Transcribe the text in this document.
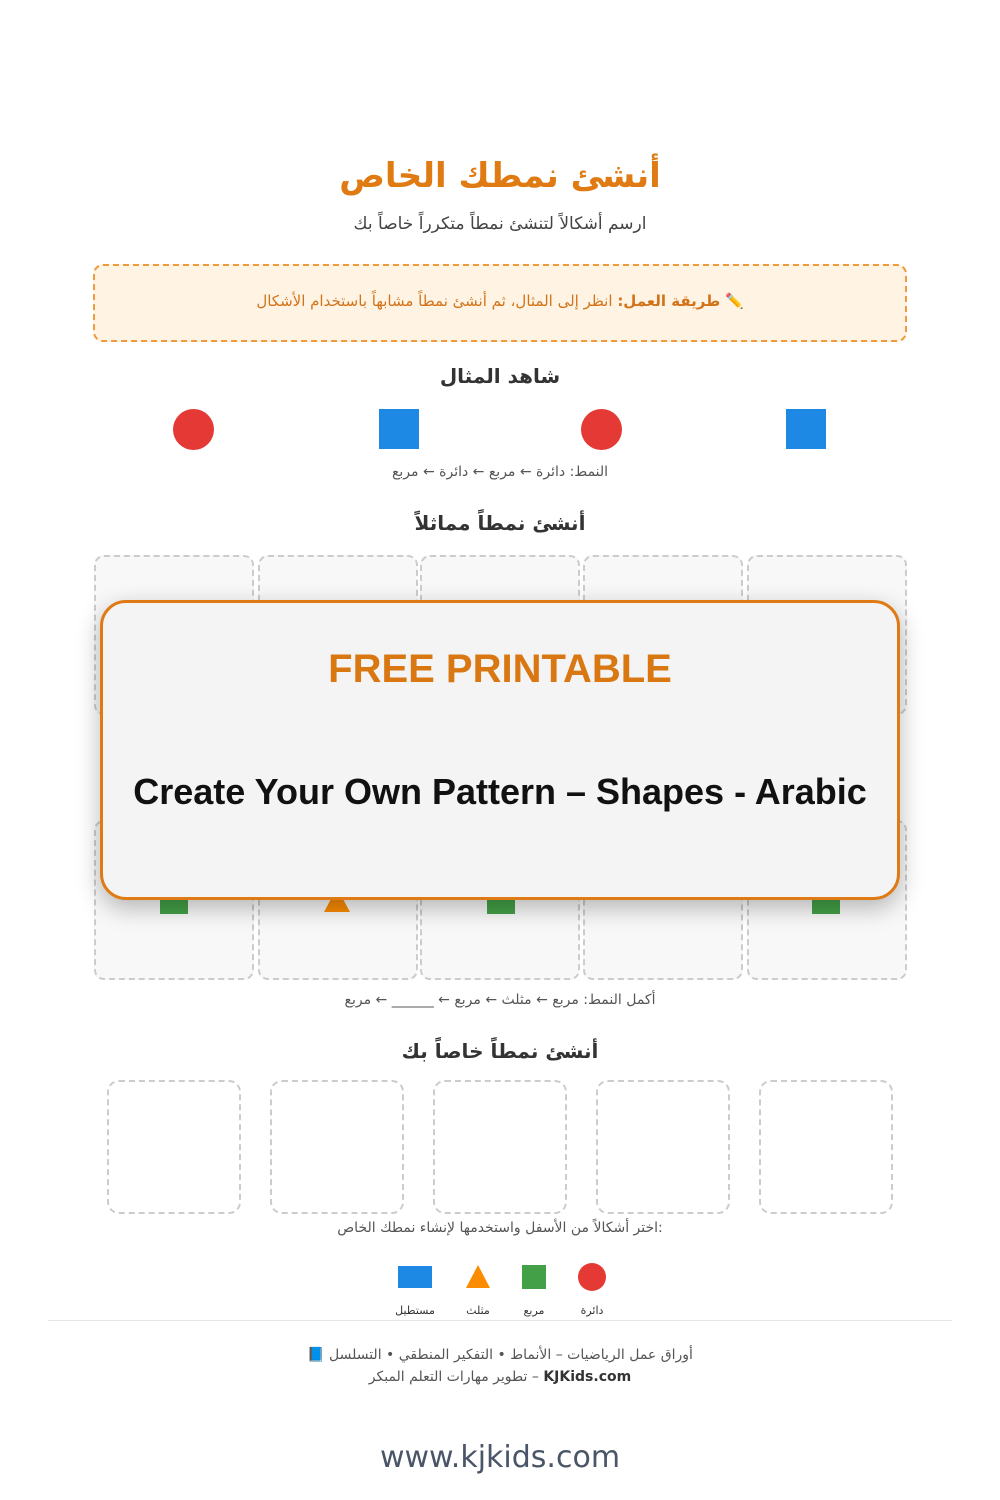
أنشئ نمطك الخاص
ارسم أشكالاً لتنشئ نمطاً متكرراً خاصاً بك
✏️ طريقة العمل: انظر إلى المثال، ثم أنشئ نمطاً مشابهاً باستخدام الأشكال
شاهد المثال
النمط: دائرة ← مربع ← دائرة ← مربع
أنشئ نمطاً مماثلاً
أكمل النمط: مربع ← مثلث ← مربع ← ______ ← مربع
أنشئ نمطاً خاصاً بك
اختر أشكالاً من الأسفل واستخدمها لإنشاء نمطك الخاص:
دائرة
مربع
مثلث
مستطيل
📘 أوراق عمل الرياضيات – الأنماط • التفكير المنطقي • التسلسل
KJKids.com – تطوير مهارات التعلم المبكر
www.kjkids.com
FREE PRINTABLE
Create Your Own Pattern – Shapes - Arabic
